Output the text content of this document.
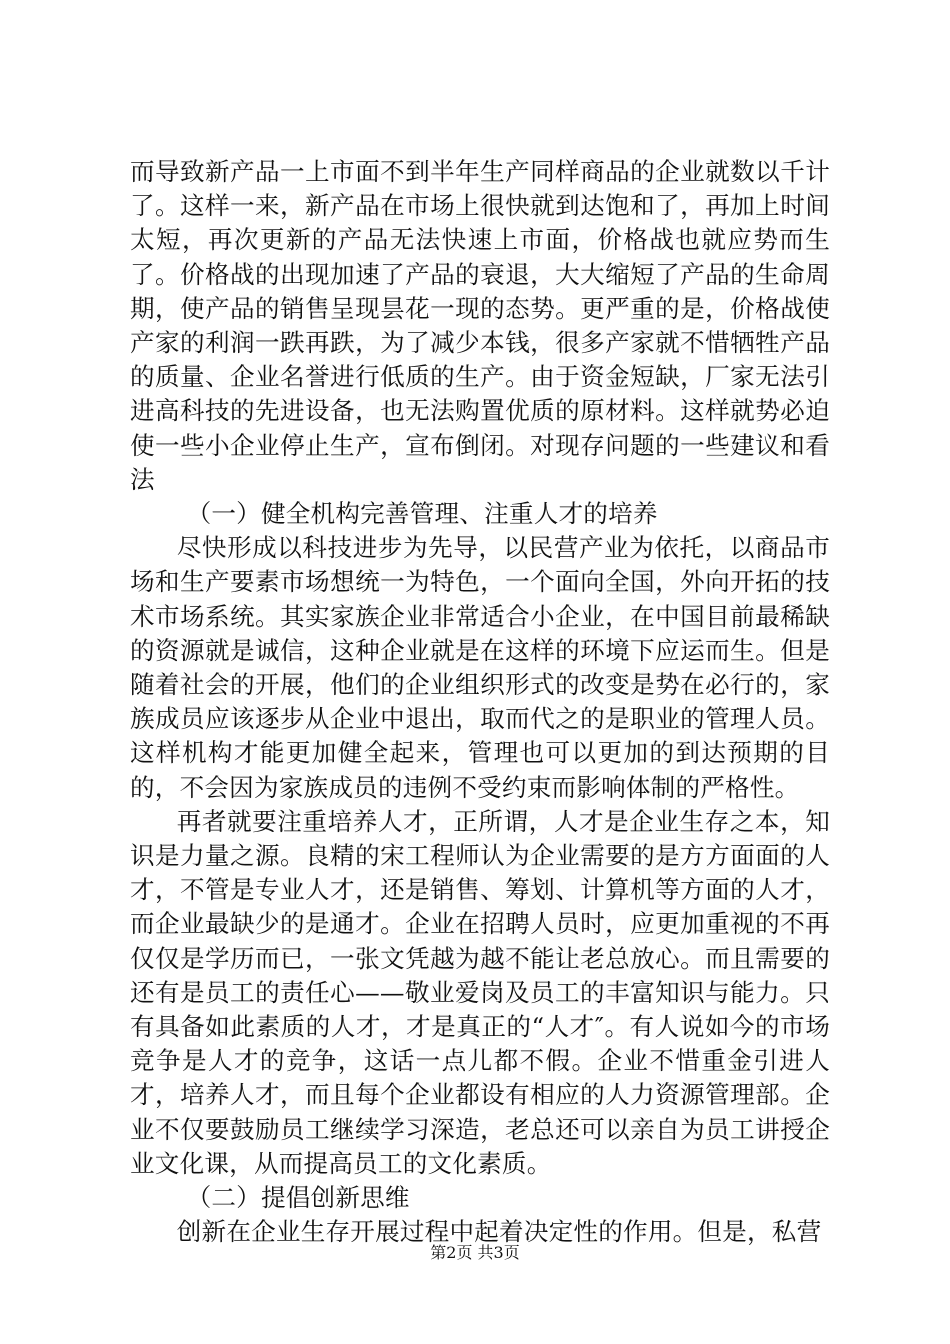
而导致新产品一上市面不到半年生产同样商品的企业就数以千计了。这样一来，新产品在市场上很快就到达饱和了，再加上时间太短，再次更新的产品无法快速上市面，价格战也就应势而生了。价格战的出现加速了产品的衰退，大大缩短了产品的生命周期，使产品的销售呈现昙花一现的态势。更严重的是，价格战使产家的利润一跌再跌，为了减少本钱，很多产家就不惜牺牲产品的质量、企业名誉进行低质的生产。由于资金短缺，厂家无法引进高科技的先进设备，也无法购置优质的原材料。这样就势必迫使一些小企业停止生产，宣布倒闭。对现存问题的一些建议和看法

（一）健全机构完善管理、注重人才的培养

尽快形成以科技进步为先导，以民营产业为依托，以商品市场和生产要素市场想统一为特色，一个面向全国，外向开拓的技术市场系统。其实家族企业非常适合小企业，在中国目前最稀缺的资源就是诚信，这种企业就是在这样的环境下应运而生。但是随着社会的开展，他们的企业组织形式的改变是势在必行的，家族成员应该逐步从企业中退出，取而代之的是职业的管理人员。这样机构才能更加健全起来，管理也可以更加的到达预期的目的，不会因为家族成员的违例不受约束而影响体制的严格性。

再者就要注重培养人才，正所谓，人才是企业生存之本，知识是力量之源。良精的宋工程师认为企业需要的是方方面面的人才，不管是专业人才，还是销售、筹划、计算机等方面的人才，而企业最缺少的是通才。企业在招聘人员时，应更加重视的不再仅仅是学历而已，一张文凭越为越不能让老总放心。而且需要的还有是员工的责任心——敬业爱岗及员工的丰富知识与能力。只有具备如此素质的人才，才是真正的“人才″。有人说如今的市场竞争是人才的竞争，这话一点儿都不假。企业不惜重金引进人才，培养人才，而且每个企业都设有相应的人力资源管理部。企业不仅要鼓励员工继续学习深造，老总还可以亲自为员工讲授企业文化课，从而提高员工的文化素质。

（二）提倡创新思维

创新在企业生存开展过程中起着决定性的作用。但是，私营

第2页 共3页
